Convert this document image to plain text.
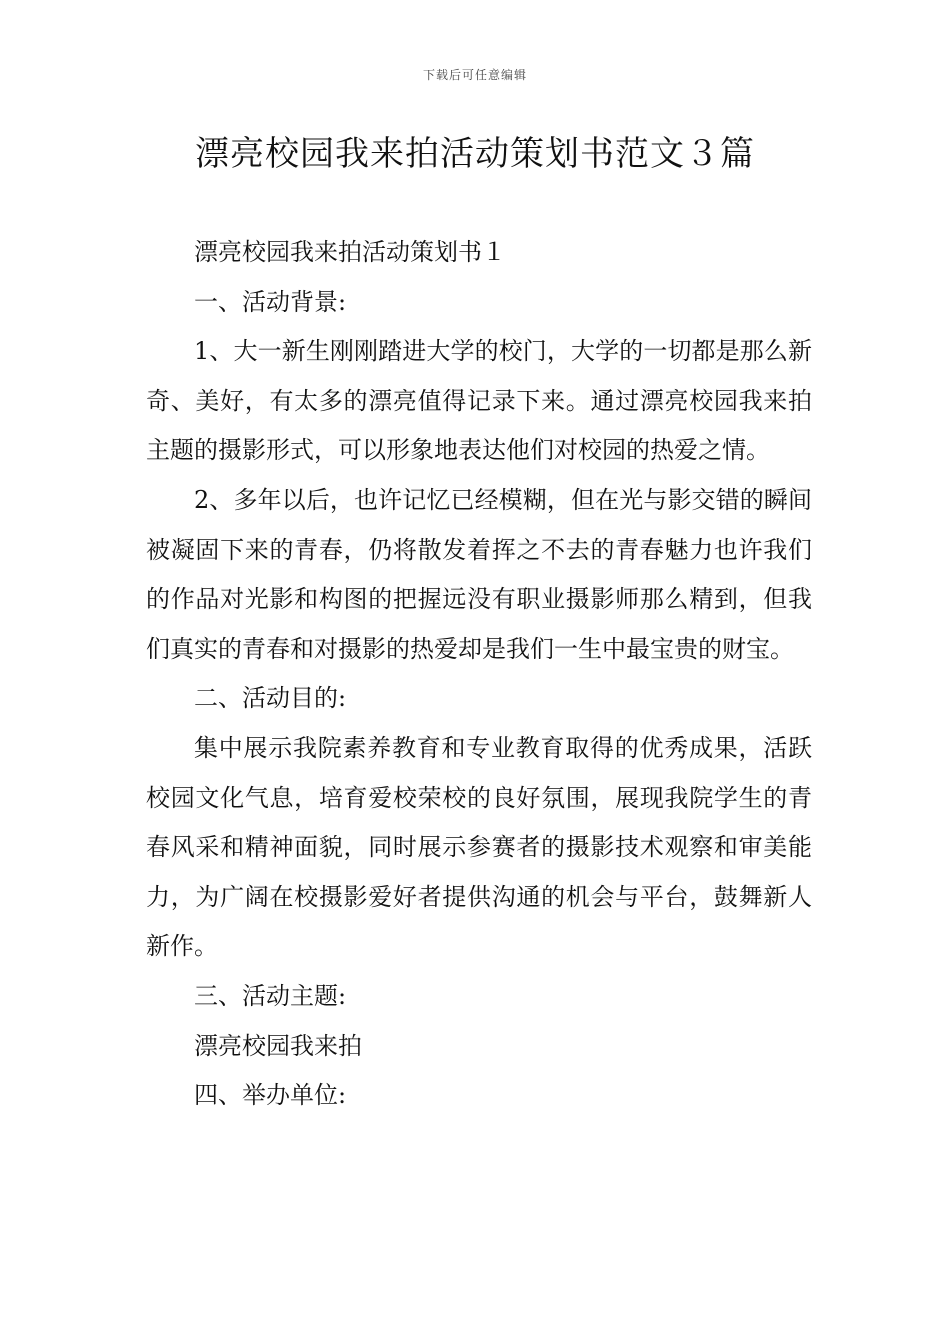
下载后可任意编辑
漂亮校园我来拍活动策划书范文３篇

漂亮校园我来拍活动策划书１

一、活动背景:

1、大一新生刚刚踏进大学的校门，大学的一切都是那么新奇、美好，有太多的漂亮值得记录下来。通过漂亮校园我来拍主题的摄影形式，可以形象地表达他们对校园的热爱之情。

2、多年以后，也许记忆已经模糊，但在光与影交错的瞬间被凝固下来的青春，仍将散发着挥之不去的青春魅力也许我们的作品对光影和构图的把握远没有职业摄影师那么精到，但我们真实的青春和对摄影的热爱却是我们一生中最宝贵的财宝。

二、活动目的:

集中展示我院素养教育和专业教育取得的优秀成果，活跃校园文化气息，培育爱校荣校的良好氛围，展现我院学生的青春风采和精神面貌，同时展示参赛者的摄影技术观察和审美能力，为广阔在校摄影爱好者提供沟通的机会与平台，鼓舞新人新作。

三、活动主题:

漂亮校园我来拍

四、举办单位:
